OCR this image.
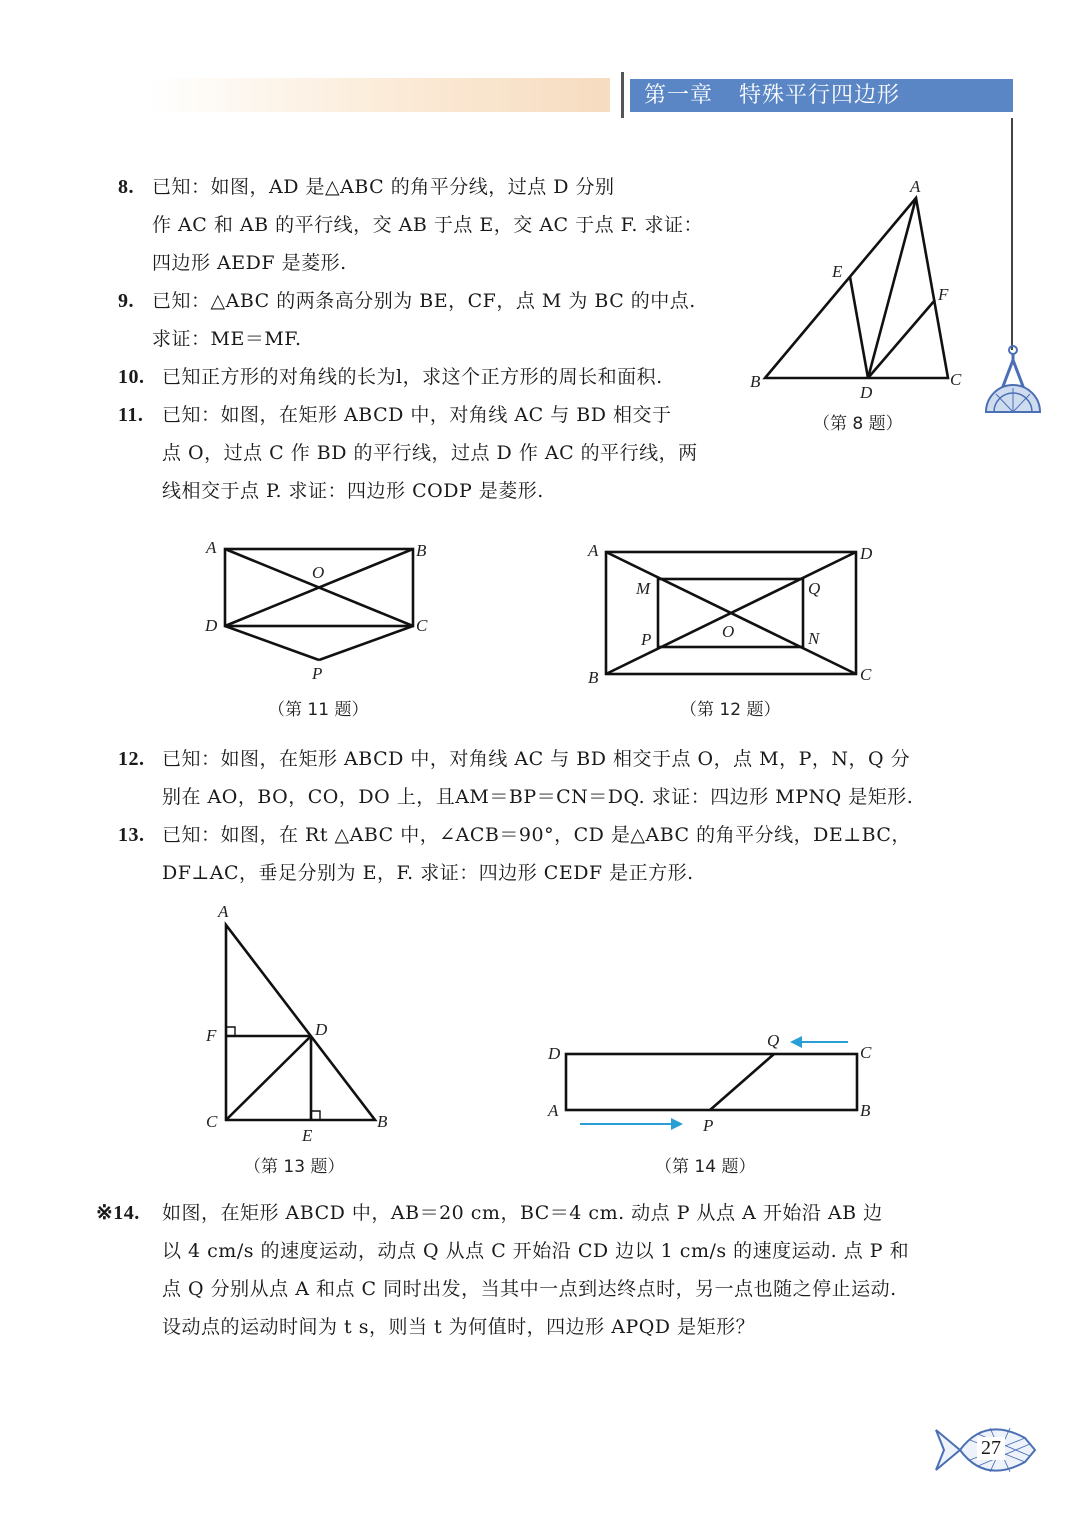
第一章 特殊平行四边形
8. 已知：如图，AD 是△ABC 的角平分线，过点 D 分别
作 AC 和 AB 的平行线，交 AB 于点 E，交 AC 于点 F. 求证：
四边形 AEDF 是菱形.
9. 已知：△ABC 的两条高分别为 BE，CF，点 M 为 BC 的中点.
求证：ME＝MF.
10. 已知正方形的对角线的长为l，求这个正方形的周长和面积.
11. 已知：如图，在矩形 ABCD 中，对角线 AC 与 BD 相交于
点 O，过点 C 作 BD 的平行线，过点 D 作 AC 的平行线，两
线相交于点 P. 求证：四边形 CODP 是菱形.
A
B	C
D
E
F
（第 8 题）
A	B
C
D
O
P
（第 11 题）
A
B	C
D
M	Q
P	N
O
（第 12 题）
12. 已知：如图，在矩形 ABCD 中，对角线 AC 与 BD 相交于点 O，点 M，P，N，Q 分
别在 AO，BO，CO，DO 上，且AM＝BP＝CN＝DQ. 求证：四边形 MPNQ 是矩形.
13. 已知：如图，在 Rt △ABC 中，∠ACB＝90°，CD 是△ABC 的角平分线，DE⊥BC，
DF⊥AC，垂足分别为 E，F. 求证：四边形 CEDF 是正方形.
A
B
C
D
E
F
（第 13 题）
A	B
C
D
P
Q
（第 14 题）
※14. 如图，在矩形 ABCD 中，AB＝20 cm，BC＝4 cm. 动点 P 从点 A 开始沿 AB 边
以 4 cm/s 的速度运动，动点 Q 从点 C 开始沿 CD 边以 1 cm/s 的速度运动. 点 P 和
点 Q 分别从点 A 和点 C 同时出发，当其中一点到达终点时，另一点也随之停止运动.
设动点的运动时间为 t s，则当 t 为何值时，四边形 APQD 是矩形？
27
